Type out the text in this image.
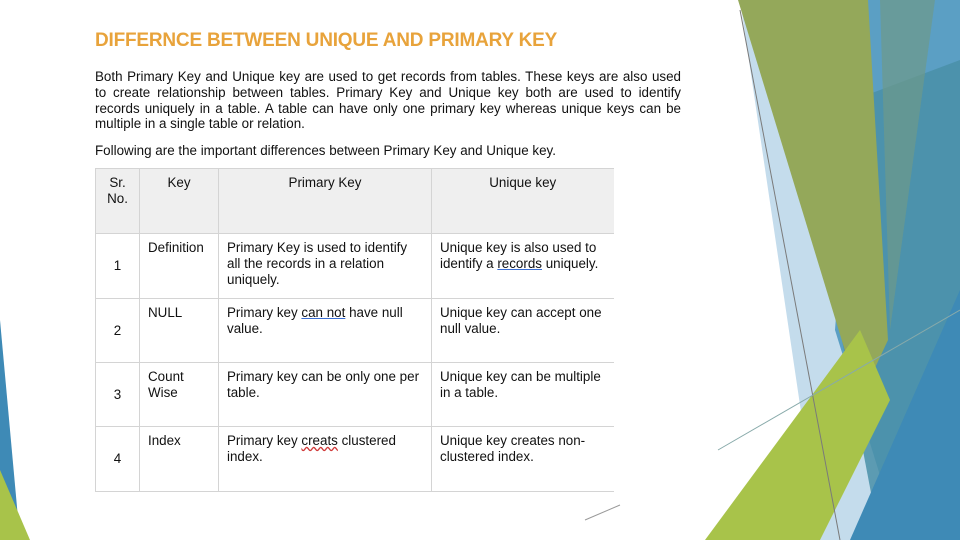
DIFFERNCE BETWEEN UNIQUE AND PRIMARY KEY

Both Primary Key and Unique key are used to get records from tables. These keys are also used to create relationship between tables. Primary Key and Unique key both are used to identify records uniquely in a table. A table can have only one primary key whereas unique keys can be multiple in a single table or relation.

Following are the important differences between Primary Key and Unique key.

Sr. No.	Key	Primary Key	Unique key
1	Definition	Primary Key is used to identify all the records in a relation uniquely.	Unique key is also used to identify a records uniquely.
2	NULL	Primary key can not have null value.	Unique key can accept one null value.
3	Count Wise	Primary key can be only one per table.	Unique key can be multiple in a table.
4	Index	Primary key creats clustered index.	Unique key creates non-clustered index.
